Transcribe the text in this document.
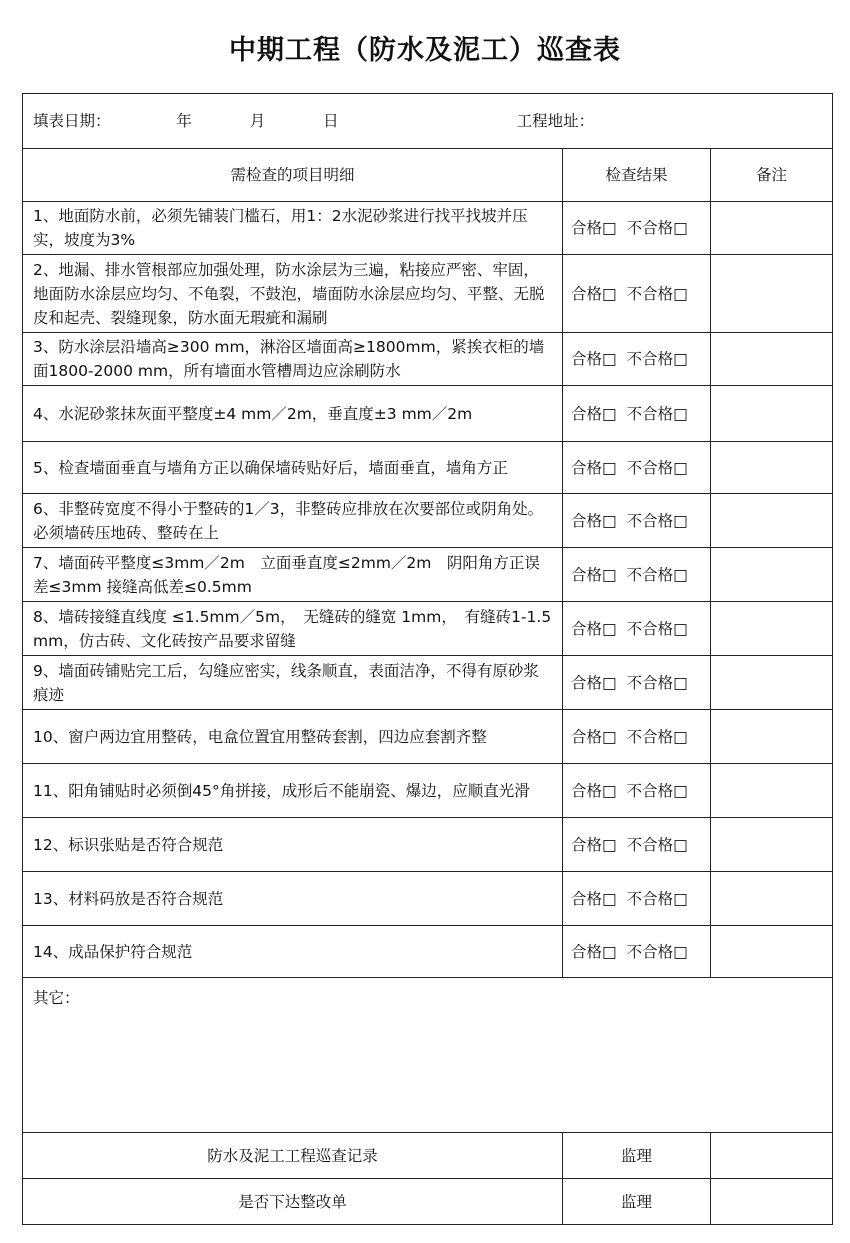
中期工程（防水及泥工）巡查表
填表日期： 年 月 日 工程地址：		
需检查的项目明细	检查结果	备注
1、地面防水前，必须先铺装门槛石，用1：2水泥砂浆进行找平找坡并压实，坡度为3%	合格□ 不合格□	
2、地漏、排水管根部应加强处理，防水涂层为三遍，粘接应严密、牢固，地面防水涂层应均匀、不龟裂，不鼓泡，墙面防水涂层应均匀、平整、无脱皮和起壳、裂缝现象，防水面无瑕疵和漏刷	合格□ 不合格□	
3、防水涂层沿墙高≥300 mm，淋浴区墙面高≥1800mm，紧挨衣柜的墙面1800-2000 mm，所有墙面水管槽周边应涂刷防水	合格□ 不合格□	
4、水泥砂浆抹灰面平整度±4 mm／2m，垂直度±3 mm／2m	合格□ 不合格□	
5、检查墙面垂直与墙角方正以确保墙砖贴好后，墙面垂直，墙角方正	合格□ 不合格□	
6、非整砖宽度不得小于整砖的1／3，非整砖应排放在次要部位或阴角处。必须墙砖压地砖、整砖在上	合格□ 不合格□	
7、墙面砖平整度≤3mm／2m　立面垂直度≤2mm／2m　阴阳角方正误差≤3mm 接缝高低差≤0.5mm	合格□ 不合格□	
8、墙砖接缝直线度 ≤1.5mm／5m，　无缝砖的缝宽 1mm，　有缝砖1-1.5 mm，仿古砖、文化砖按产品要求留缝	合格□ 不合格□	
9、墙面砖铺贴完工后，勾缝应密实，线条顺直，表面洁净，不得有原砂浆痕迹	合格□ 不合格□	
10、窗户两边宜用整砖，电盒位置宜用整砖套割，四边应套割齐整	合格□ 不合格□	
11、阳角铺贴时必须倒45°角拼接，成形后不能崩瓷、爆边，应顺直光滑	合格□ 不合格□	
12、标识张贴是否符合规范	合格□ 不合格□	
13、材料码放是否符合规范	合格□ 不合格□	
14、成品保护符合规范	合格□ 不合格□	
其它：		
防水及泥工工程巡查记录	监理	
是否下达整改单	监理	
